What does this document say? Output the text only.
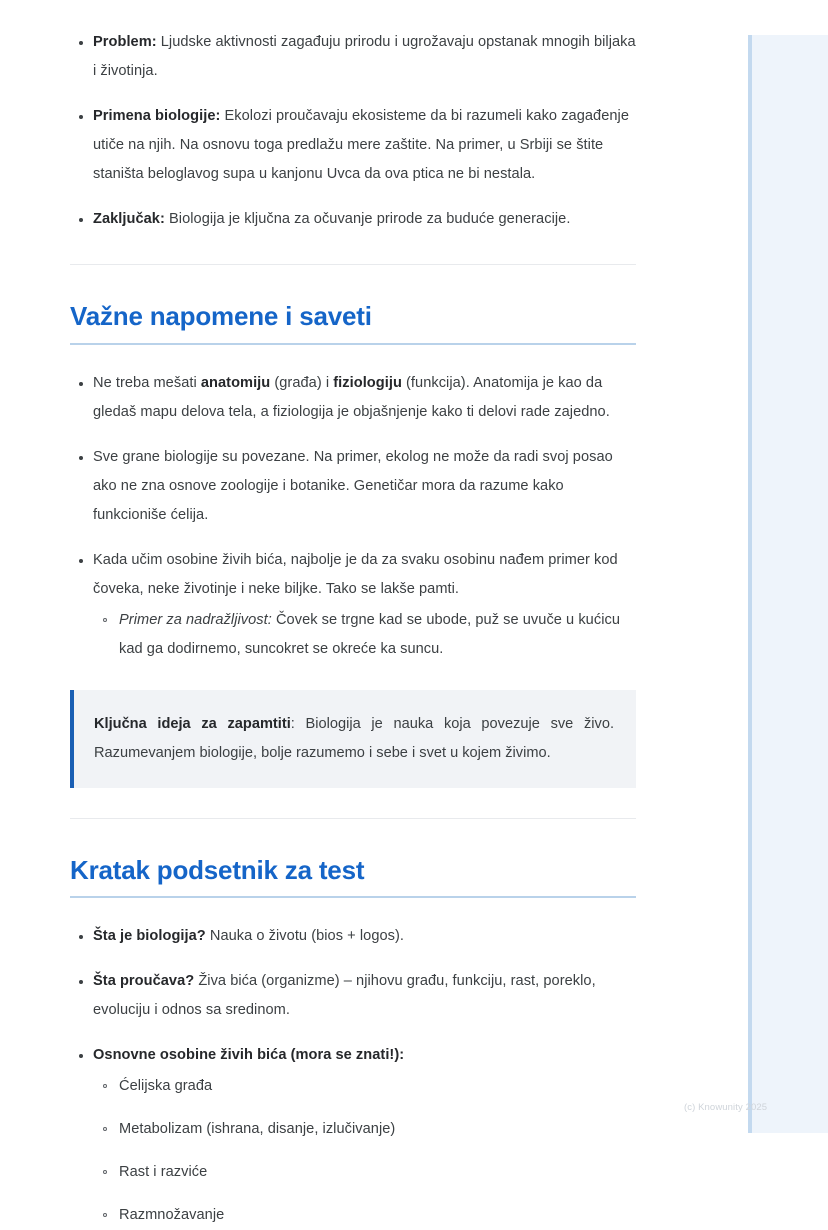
Problem: Ljudske aktivnosti zagađuju prirodu i ugrožavaju opstanak mnogih biljaka i životinja.
Primena biologije: Ekolozi proučavaju ekosisteme da bi razumeli kako zagađenje utiče na njih. Na osnovu toga predlažu mere zaštite. Na primer, u Srbiji se štite staništa beloglavog supa u kanjonu Uvca da ova ptica ne bi nestala.
Zaključak: Biologija je ključna za očuvanje prirode za buduće generacije.
Važne napomene i saveti
Ne treba mešati anatomiju (građa) i fiziologiju (funkcija). Anatomija je kao da gledaš mapu delova tela, a fiziologija je objašnjenje kako ti delovi rade zajedno.
Sve grane biologije su povezane. Na primer, ekolog ne može da radi svoj posao ako ne zna osnove zoologije i botanike. Genetičar mora da razume kako funkcioniše ćelija.
Kada učim osobine živih bića, najbolje je da za svaku osobinu nađem primer kod čoveka, neke životinje i neke biljke. Tako se lakše pamti.
Primer za nadražljivost: Čovek se trgne kad se ubode, puž se uvuče u kućicu kad ga dodirnemo, suncokret se okreće ka suncu.
Ključna ideja za zapamtiti: Biologija je nauka koja povezuje sve živo. Razumevanjem biologije, bolje razumemo i sebe i svet u kojem živimo.
Kratak podsetnik za test
Šta je biologija? Nauka o životu (bios + logos).
Šta proučava? Živa bića (organizme) – njihovu građu, funkciju, rast, poreklo, evoluciju i odnos sa sredinom.
Osnovne osobine živih bića (mora se znati!):
Ćelijska građa
Metabolizam (ishrana, disanje, izlučivanje)
Rast i razviće
Razmnožavanje
(c) Knowunity 2025
